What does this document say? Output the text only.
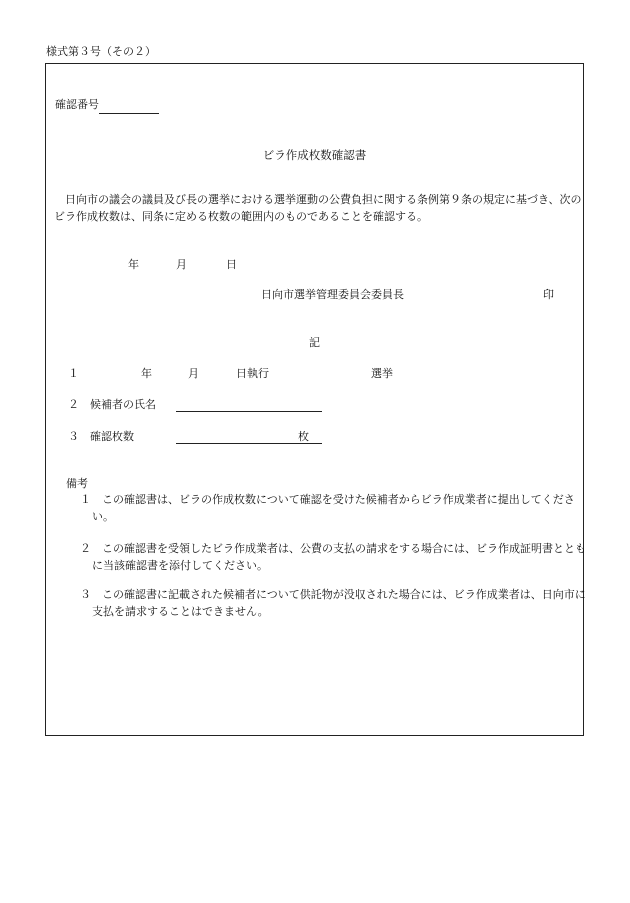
様式第３号（その２）
確認番号
ビラ作成枚数確認書
日向市の議会の議員及び長の選挙における選挙運動の公費負担に関する条例第９条の規定に基づき、次のビラ作成枚数は、同条に定める枚数の範囲内のものであることを確認する。
年	月	日
日向市選挙管理委員会委員長	印
記
１	年	月	日執行	選挙
２ 候補者の氏名
３ 確認枚数	枚
備考
１　この確認書は、ビラの作成枚数について確認を受けた候補者からビラ作成業者に提出してください。
２　この確認書を受領したビラ作成業者は、公費の支払の請求をする場合には、ビラ作成証明書とともに当該確認書を添付してください。
３　この確認書に記載された候補者について供託物が没収された場合には、ビラ作成業者は、日向市に支払を請求することはできません。
